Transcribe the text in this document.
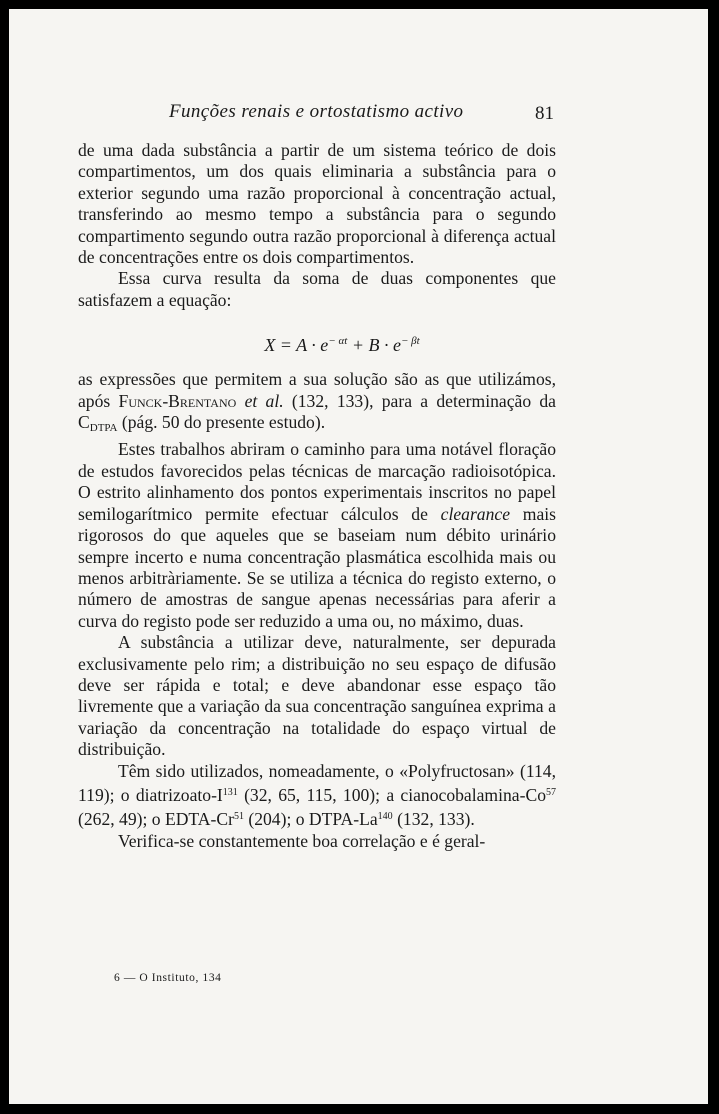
Funções renais e ortostatismo activo	81

de uma dada substância a partir de um sistema teórico de dois compartimentos, um dos quais eliminaria a substância para o exterior segundo uma razão proporcional à concentração actual, transferindo ao mesmo tempo a substância para o segundo compartimento segundo outra razão proporcional à diferença actual de concentrações entre os dois compartimentos.

Essa curva resulta da soma de duas componentes que satisfazem a equação:

$X = A \cdot e^{- \alpha t} + B \cdot e^{- \beta t}$

as expressões que permitem a sua solução são as que utilizámos, após Funck-Brentano et al. (132, 133), para a determinação da $C_{DTPA}$ (pág. 50 do presente estudo).

Estes trabalhos abriram o caminho para uma notável floração de estudos favorecidos pelas técnicas de marcação radioisotópica. O estrito alinhamento dos pontos experimentais inscritos no papel semilogarítmico permite efectuar cálculos de clearance mais rigorosos do que aqueles que se baseiam num débito urinário sempre incerto e numa concentração plasmática escolhida mais ou menos arbitràriamente. Se se utiliza a técnica do registo externo, o número de amostras de sangue apenas necessárias para aferir a curva do registo pode ser reduzido a uma ou, no máximo, duas.

A substância a utilizar deve, naturalmente, ser depurada exclusivamente pelo rim; a distribuição no seu espaço de difusão deve ser rápida e total; e deve abandonar esse espaço tão livremente que a variação da sua concentração sanguínea exprima a variação da concentração na totalidade do espaço virtual de distribuição.

Têm sido utilizados, nomeadamente, o «Polyfructosan» (114, 119); o diatrizoato-$I^{131}$ (32, 65, 115, 100); a cianocobalamina-Co$^{57}$ (262, 49); o EDTA-Cr$^{51}$ (204); o DTPA-La$^{140}$ (132, 133).

Verifica-se constantemente boa correlação e é geral-

6 — O Instituto, 134
